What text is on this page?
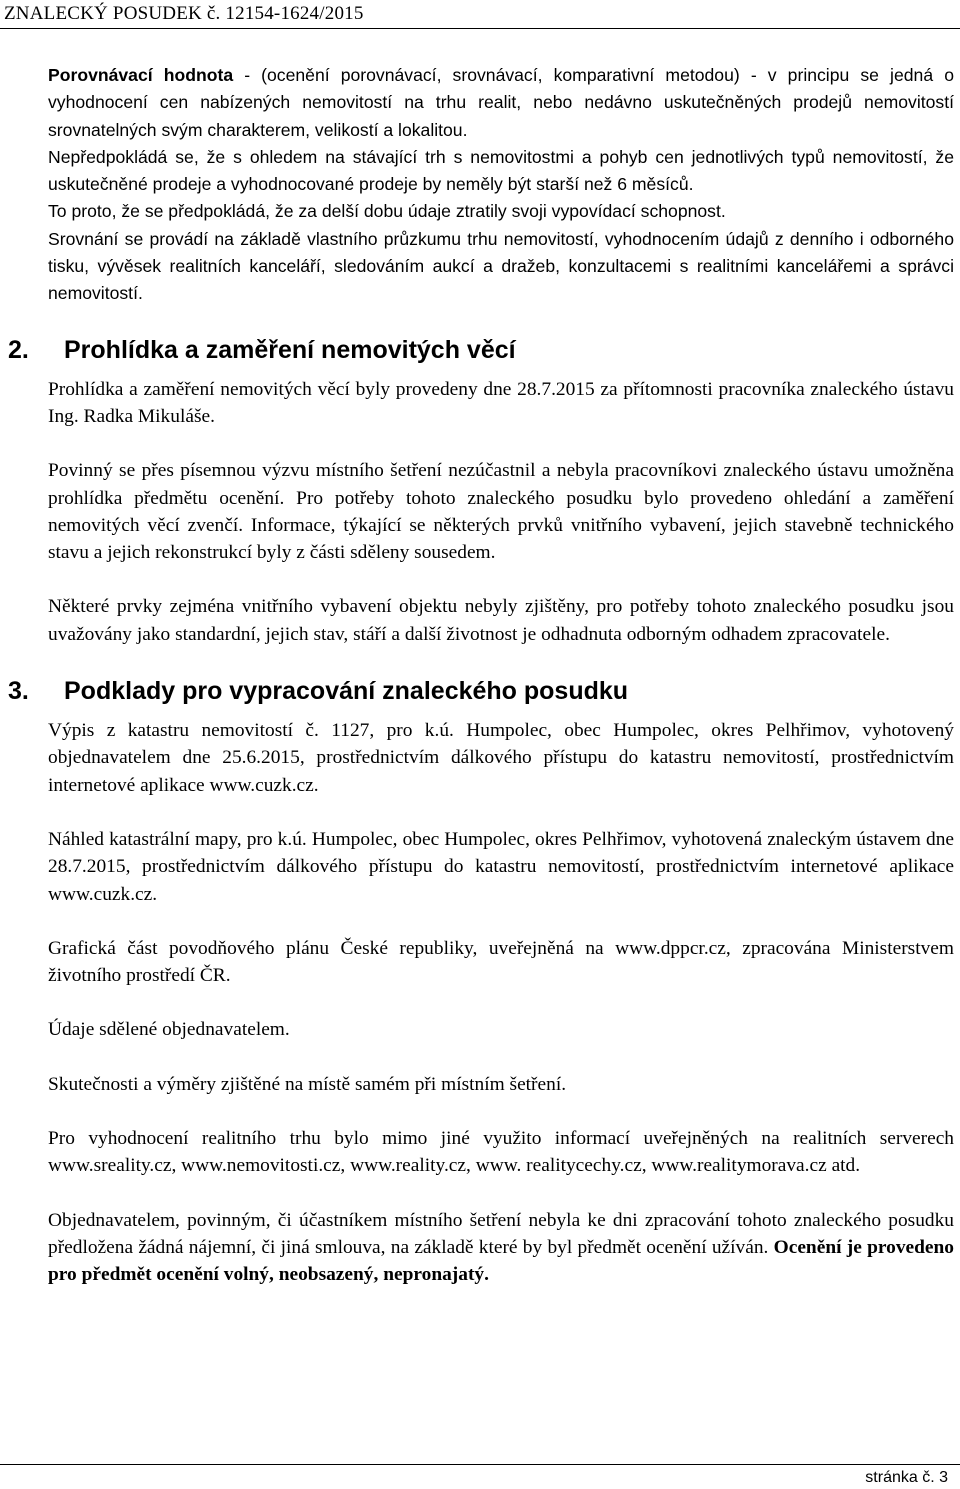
ZNALECKÝ POSUDEK č. 12154-1624/2015

Porovnávací hodnota - (ocenění porovnávací, srovnávací, komparativní metodou) - v principu se jedná o vyhodnocení cen nabízených nemovitostí na trhu realit, nebo nedávno uskutečněných prodejů nemovitostí srovnatelných svým charakterem, velikostí a lokalitou.

Nepředpokládá se, že s ohledem na stávající trh s nemovitostmi a pohyb cen jednotlivých typů nemovitostí, že uskutečněné prodeje a vyhodnocované prodeje by neměly být starší než 6 měsíců.

To proto, že se předpokládá, že za delší dobu údaje ztratily svoji vypovídací schopnost.

Srovnání se provádí na základě vlastního průzkumu trhu nemovitostí, vyhodnocením údajů z denního i odborného tisku, vývěsek realitních kanceláří, sledováním aukcí a dražeb, konzultacemi s realitními kancelářemi a správci nemovitostí.

2. Prohlídka a zaměření nemovitých věcí

Prohlídka a zaměření nemovitých věcí byly provedeny dne 28.7.2015 za přítomnosti pracovníka znaleckého ústavu Ing. Radka Mikuláše.

Povinný se přes písemnou výzvu místního šetření nezúčastnil a nebyla pracovníkovi znaleckého ústavu umožněna prohlídka předmětu ocenění. Pro potřeby tohoto znaleckého posudku bylo provedeno ohledání a zaměření nemovitých věcí zvenčí. Informace, týkající se některých prvků vnitřního vybavení, jejich stavebně technického stavu a jejich rekonstrukcí byly z části sděleny sousedem.

Některé prvky zejména vnitřního vybavení objektu nebyly zjištěny, pro potřeby tohoto znaleckého posudku jsou uvažovány jako standardní, jejich stav, stáří a další životnost je odhadnuta odborným odhadem zpracovatele.

3. Podklady pro vypracování znaleckého posudku

Výpis z katastru nemovitostí č. 1127, pro k.ú. Humpolec, obec Humpolec, okres Pelhřimov, vyhotovený objednavatelem dne 25.6.2015, prostřednictvím dálkového přístupu do katastru nemovitostí, prostřednictvím internetové aplikace www.cuzk.cz.

Náhled katastrální mapy, pro k.ú. Humpolec, obec Humpolec, okres Pelhřimov, vyhotovená znaleckým ústavem dne 28.7.2015, prostřednictvím dálkového přístupu do katastru nemovitostí, prostřednictvím internetové aplikace www.cuzk.cz.

Grafická část povodňového plánu České republiky, uveřejněná na www.dppcr.cz, zpracována Ministerstvem životního prostředí ČR.

Údaje sdělené objednavatelem.

Skutečnosti a výměry zjištěné na místě samém při místním šetření.

Pro vyhodnocení realitního trhu bylo mimo jiné využito informací uveřejněných na realitních serverech www.sreality.cz, www.nemovitosti.cz, www.reality.cz, www. realitycechy.cz, www.realitymorava.cz atd.

Objednavatelem, povinným, či účastníkem místního šetření nebyla ke dni zpracování tohoto znaleckého posudku předložena žádná nájemní, či jiná smlouva, na základě které by byl předmět ocenění užíván. Ocenění je provedeno pro předmět ocenění volný, neobsazený, nepronajatý.

stránka č. 3
